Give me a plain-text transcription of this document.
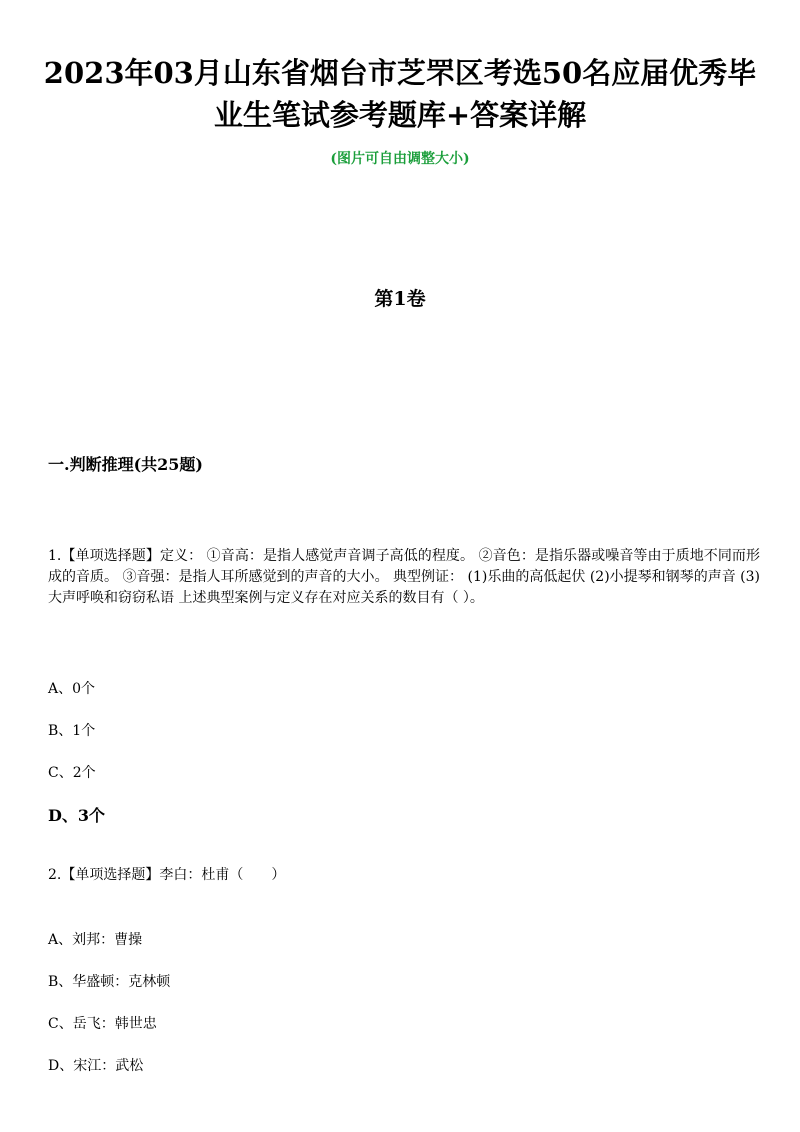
2023年03月山东省烟台市芝罘区考选50名应届优秀毕业生笔试参考题库+答案详解

(图片可自由调整大小)

第1卷

一.判断推理(共25题)

1.【单项选择题】定义： ①音高：是指人感觉声音调子高低的程度。 ②音色：是指乐器或噪音等由于质地不同而形成的音质。 ③音强：是指人耳所感觉到的声音的大小。 典型例证： (1)乐曲的高低起伏 (2)小提琴和钢琴的声音 (3)大声呼唤和窃窃私语 上述典型案例与定义存在对应关系的数目有（ ）。

A、0个

B、1个

C、2个

D、3个

2.【单项选择题】李白：杜甫（　　）

A、刘邦：曹操

B、华盛顿：克林顿

C、岳飞：韩世忠

D、宋江：武松
